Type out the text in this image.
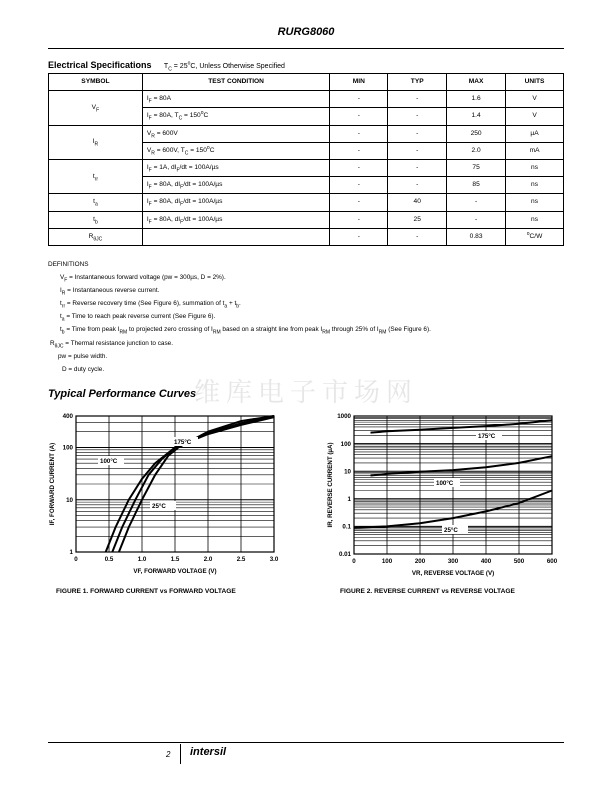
RURG8060
Electrical Specifications $T_C = 25^oC$, Unless Otherwise Specified
SYMBOL	TEST CONDITION	MIN	TYP	MAX	UNITS
$V_F$	$I_F = 80A$	-	-	1.6	V
	$I_F = 80A$, $T_C = 150^oC$	-	-	1.4	V
$I_R$	$V_R = 600V$	-	-	250	µA
	$V_R = 600V$, $T_C = 150^oC$	-	-	2.0	mA
$t_{rr}$	$I_F = 1A$, $dI_F/dt = 100A/\mu s$	-	-	75	ns
	$I_F = 80A$, $dI_F/dt = 100A/\mu s$	-	-	85	ns
$t_a$	$I_F = 80A$, $dI_F/dt = 100A/\mu s$	-	40	-	ns
$t_b$	$I_F = 80A$, $dI_F/dt = 100A/\mu s$	-	25	-	ns
$R_{\theta JC}$		-	-	0.83	$^o$C/W
DEFINITIONS
$V_F$ = Instantaneous forward voltage (pw = 300µs, D = 2%).
$I_R$ = Instantaneous reverse current.
$t_{rr}$ = Reverse recovery time (See Figure 6), summation of $t_a + t_b$.
$t_a$ = Time to reach peak reverse current (See Figure 6).
$t_b$ = Time from peak $I_{RM}$ to projected zero crossing of $I_{RM}$ based on a straight line from peak $I_{RM}$ through 25% of $I_{RM}$ (See Figure 6).
$R_{\theta JC}$ = Thermal resistance junction to case.
pw = pulse width.
D = duty cycle.
维库电子市场网
Typical Performance Curves
0	0.5	1.0	1.5	2.0	2.5	3.0
1
10
100
400
175°C
100°C
25°C
VF, FORWARD VOLTAGE (V)
IF, FORWARD CURRENT (A)
0	100	200	300	400	500	600
0.01
0.1
1
10
100
1000
175°C
100°C
25°C
VR, REVERSE VOLTAGE (V)
IR, REVERSE CURRENT (µA)
FIGURE 1. FORWARD CURRENT vs FORWARD VOLTAGE	FIGURE 2. REVERSE CURRENT vs REVERSE VOLTAGE
2 intersil
